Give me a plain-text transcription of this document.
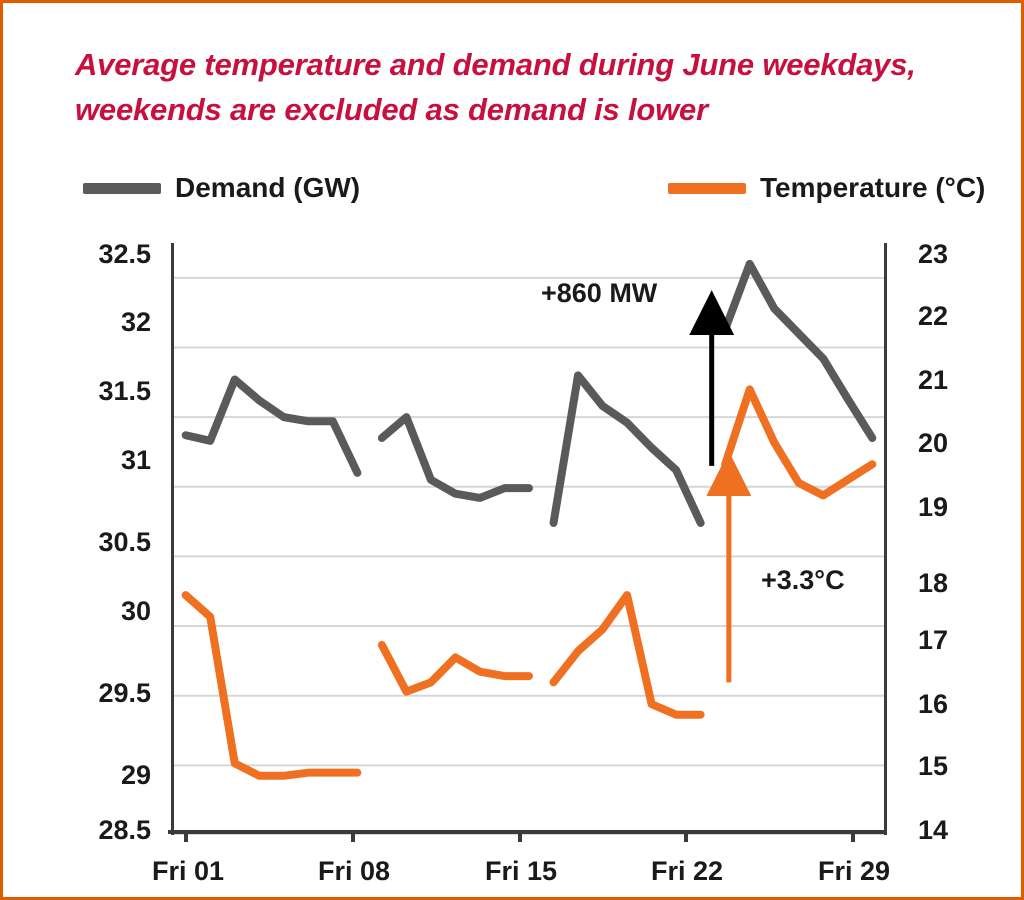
Average temperature and demand during June weekdays, weekends are excluded as demand is lower
Demand (GW)	Temperature (°C)
32.5
32
31.5
31
30.5
30
29.5
29
28.5
23
22
21
20
19
18
17
16
15
14
Fri 01	Fri 08	Fri 15	Fri 22	Fri 29
+860 MW
+3.3°C
